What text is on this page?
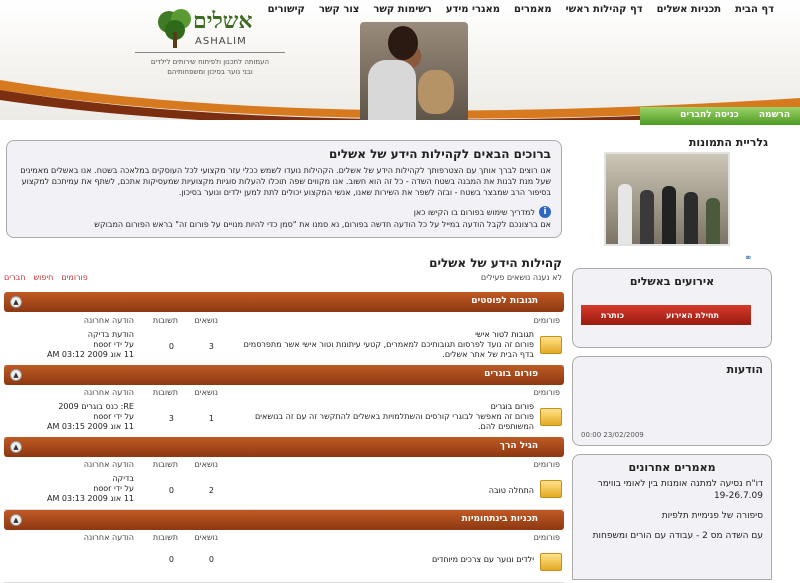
דף הבית
תכניות אשלים
דף קהילות ראשי
מאמרים
מאגרי מידע
רשימות קשר
צור קשר
קישורים
אשלים
ASHALIM
העמותה לתכנון ולפיתוח שירותים לילדים
ובני נוער בסיכון ומשפחותיהם
הרשמה
כניסה לחברים
ברוכים הבאים לקהילות הידע של אשלים

אנו רוצים לברך אותך עם הצטרפותך לקהילות הידע של אשלים. הקהילות נועדו לשמש ככלי עזר מקצועי לכל העוסקים במלאכה בשטח. אנו באשלים מאמינים שעל מנת לבנות את המבנה בשטח השדה - כל זה הוא חשוב. אנו מקווים שפה תוכלו להעלות סוגיות מקצועיות שמעסיקות אתכם, לשתף את עמיתכם למקצוע בסיפור הרב שמבצר בשטח - ובזה לשפר את השירות שאנו, אנשי המקצוע יכולים לתת למען ילדים ונוער בסיכון.

i
למדריך שימוש בפורום בו הקישו כאן
אם ברצונכם לקבל הודעה במייל על כל הודעה חדשה בפורום, נא סמנו את "סמן כדי להיות מנויים על פורום זה" בראש הפורום המבוקש
גלריית התמונות
⚭
קהילות הידע של אשלים
לא נענה נושאים פעילים
פורומים
חיפוש
חברים
תגובות לפוסטים
▲
פורומים
נושאים
תשובות
הודעה אחרונה
תגובות לטור אישי
פורום זה נועד לפרסום תגובותיכם למאמרים, קטעי עיתונות וטור אישי אשר מתפרסמים בדף הבית של אתר אשלים.
3
0
הודעת בדיקה
על ידי noor
11 אוג 2009 03:12 AM
פורום בוגרים
▲
פורומים
נושאים
תשובות
הודעה אחרונה
פורום בוגרים
פורום זה מאפשר לבוגרי קורסים והשתלמויות באשלים להתקשר זה עם זה בנושאים המשותפים להם.
1
3
RE: כנס בוגרים 2009
על ידי noor
11 אוג 2009 03:15 AM
הגיל הרך
▲
פורומים
נושאים
תשובות
הודעה אחרונה
התחלה טובה
2
0
בדיקה
על ידי noor
11 אוג 2009 03:13 AM
תכניות בינתחומיות
▲
פורומים
נושאים
תשובות
הודעה אחרונה
ילדים ונוער עם צרכים מיוחדים
0
0
אירועים באשלים
תחילת האירוע
כותרת
הודעות
00:00 23/02/2009
מאמרים אחרונים
דו"ח נסיעה למתנה אומנות בין לאומי בווימר 19-26.7.09
סיפורה של פנימיית תלפיות
עם השדה מס 2 - עבודה עם הורים ומשפחות
